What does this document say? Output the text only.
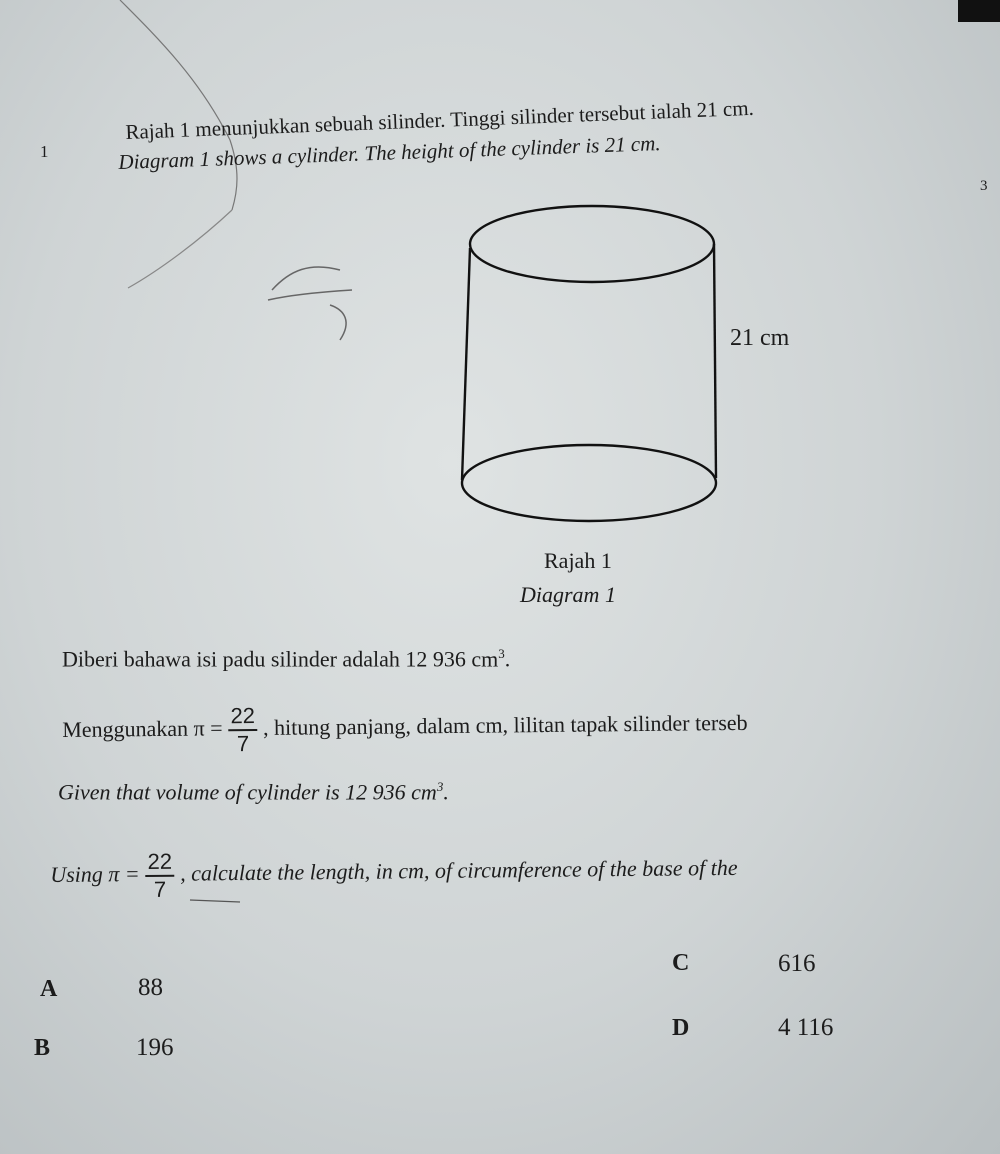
1
3
Rajah 1 menunjukkan sebuah silinder. Tinggi silinder tersebut ialah 21 cm.
Diagram 1 shows a cylinder. The height of the cylinder is 21 cm.
21 cm
Rajah 1
Diagram 1
Diberi bahawa isi padu silinder adalah 12 936 $cm^3$.
Menggunakan $\pi = \frac{22}{7}$ , hitung panjang, dalam cm, lilitan tapak silinder terseb
Given that volume of cylinder is 12 936 $cm^3$.
Using $\pi = \frac{22}{7}$ , calculate the length, in cm, of circumference of the base of the
A	88
B	196
C	616
D	4 116
